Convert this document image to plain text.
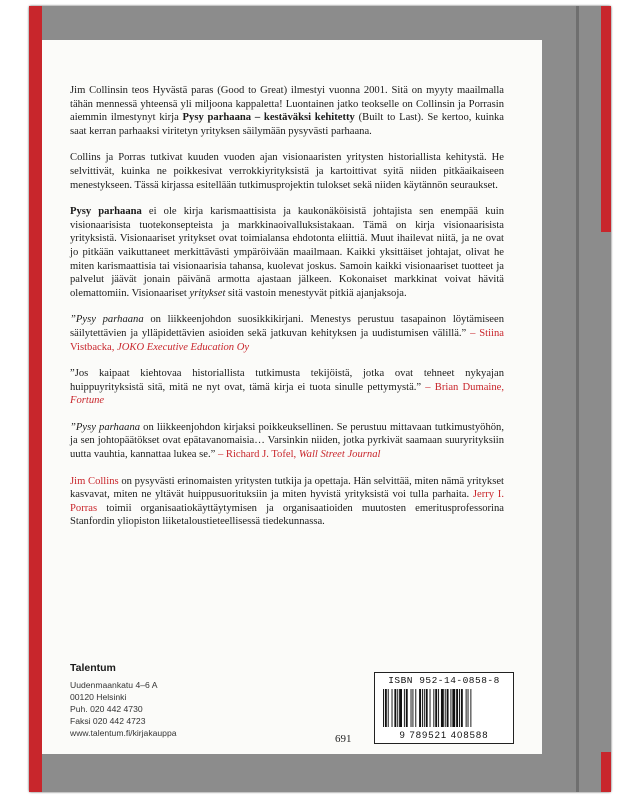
Jim Collinsin teos Hyvästä paras (Good to Great) ilmestyi vuonna 2001. Sitä on myyty maailmalla tähän mennessä yhteensä yli miljoona kappaletta! Luontainen jatko teokselle on Collinsin ja Porrasin aiemmin ilmestynyt kirja Pysy parhaana – kestäväksi kehitetty (Built to Last). Se kertoo, kuinka saat kerran parhaaksi viritetyn yrityksen säilymään pysyvästi parhaana.

Collins ja Porras tutkivat kuuden vuoden ajan visionaaristen yritysten historiallista kehitystä. He selvittivät, kuinka ne poikkesivat verrokkiyrityksistä ja kartoittivat syitä niiden pitkäaikaiseen menestykseen. Tässä kirjassa esitellään tutkimusprojektin tulokset sekä niiden käytännön seuraukset.

Pysy parhaana ei ole kirja karismaattisista ja kaukonäköisistä johtajista sen enempää kuin visionaarisista tuotekonsepteista ja markkinaoivalluksistakaan. Tämä on kirja visionaarisista yrityksistä. Visionaariset yritykset ovat toimialansa ehdotonta eliittiä. Muut ihailevat niitä, ja ne ovat jo pitkään vaikuttaneet merkittävästi ympäröivään maailmaan. Kaikki yksittäiset johtajat, olivat he miten karismaattisia tai visionaarisia tahansa, kuolevat joskus. Samoin kaikki visionaariset tuotteet ja palvelut jäävät jonain päivänä armotta ajastaan jälkeen. Kokonaiset markkinat voivat hävitä olemattomiin. Visionaariset yritykset sitä vastoin menestyvät pitkiä ajanjaksoja.

”Pysy parhaana on liikkeenjohdon suosikkikirjani. Menestys perustuu tasapainon löytämiseen säilytettävien ja ylläpidettävien asioiden sekä jatkuvan kehityksen ja uudistumisen välillä.” – Stiina Vistbacka, JOKO Executive Education Oy

”Jos kaipaat kiehtovaa historiallista tutkimusta tekijöistä, jotka ovat tehneet nykyajan huippuyrityksistä sitä, mitä ne nyt ovat, tämä kirja ei tuota sinulle pettymystä.” – Brian Dumaine, Fortune

”Pysy parhaana on liikkeenjohdon kirjaksi poikkeuksellinen. Se perustuu mittavaan tutkimustyöhön, ja sen johtopäätökset ovat epätavanomaisia… Varsinkin niiden, jotka pyrkivät saamaan suuryrityksiin uutta vauhtia, kannattaa lukea se.” – Richard J. Tofel, Wall Street Journal

Jim Collins on pysyvästi erinomaisten yritysten tutkija ja opettaja. Hän selvittää, miten nämä yritykset kasvavat, miten ne yltävät huippusuorituksiin ja miten hyvistä yrityksistä voi tulla parhaita. Jerry I. Porras toimii organisaatiokäyttäytymisen ja organisaatioiden muutosten emeritusprofessorina Stanfordin yliopiston liiketaloustieteellisessä tiedekunnassa.

Talentum
Uudenmaankatu 4–6 A
00120 Helsinki
Puh. 020 442 4730
Faksi 020 442 4723
www.talentum.fi/kirjakauppa	691
ISBN 952-14-0858-8
9 789521 408588
